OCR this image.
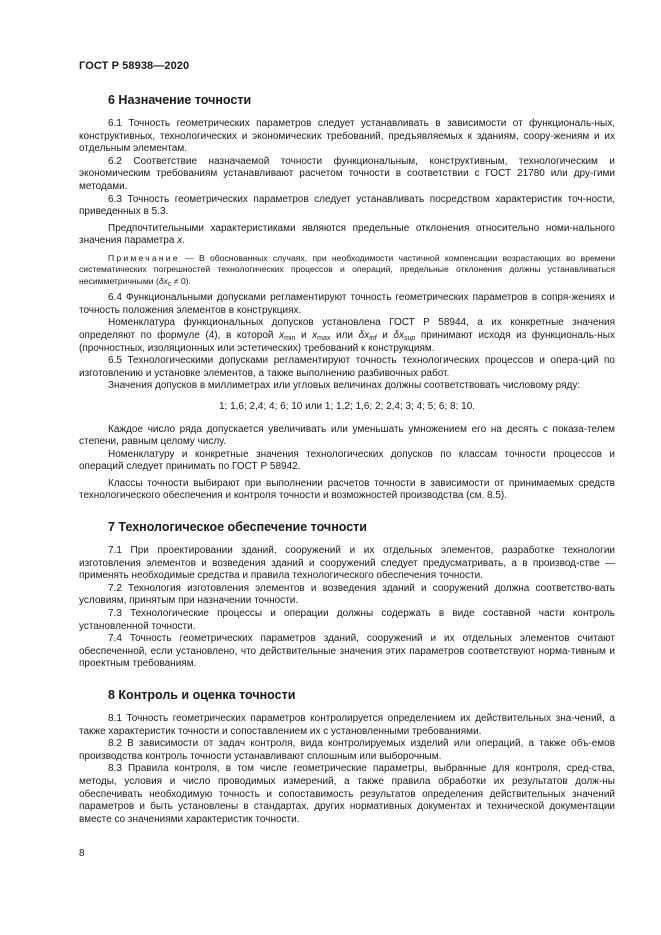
ГОСТ Р 58938—2020
6 Назначение точности

6.1 Точность геометрических параметров следует устанавливать в зависимости от функциональ-ных, конструктивных, технологических и экономических требований, предъявляемых к зданиям, соору-жениям и их отдельным элементам.

6.2 Соответствие назначаемой точности функциональным, конструктивным, технологическим и экономическим требованиям устанавливают расчетом точности в соответствии с ГОСТ 21780 или дру-гими методами.

6.3 Точность геометрических параметров следует устанавливать посредством характеристик точ-ности, приведенных в 5.3.

Предпочтительными характеристиками являются предельные отклонения относительно номи-нального значения параметра x.

Примечание — В обоснованных случаях, при необходимости частичной компенсации возрастающих во времени систематических погрешностей технологических процессов и операций, предельные отклонения должны устанавливаться несимметричными $(\delta x_c \ne 0)$.

6.4 Функциональными допусками регламентируют точность геометрических параметров в сопря-жениях и точность положения элементов в конструкциях.

Номенклатура функциональных допусков установлена ГОСТ Р 58944, а их конкретные значения определяют по формуле (4), в которой $x_{min}$ и $x_{max}$ или $\delta x_{inf}$ и $\delta x_{sup}$ принимают исходя из функциональ-ных (прочностных, изоляционных или эстетических) требований к конструкциям.

6.5 Технологическими допусками регламентируют точность технологических процессов и опера-ций по изготовлению и установке элементов, а также выполнению разбивочных работ.

Значения допусков в миллиметрах или угловых величинах должны соответствовать числовому ряду:

1; 1,6; 2,4; 4; 6; 10 или 1; 1,2; 1,6; 2; 2,4; 3; 4; 5; 6; 8; 10.

Каждое число ряда допускается увеличивать или уменьшать умножением его на десять с показа-телем степени, равным целому числу.

Номенклатуру и конкретные значения технологических допусков по классам точности процессов и операций следует принимать по ГОСТ Р 58942.

Классы точности выбирают при выполнении расчетов точности в зависимости от принимаемых средств технологического обеспечения и контроля точности и возможностей производства (см. 8.5).

7 Технологическое обеспечение точности

7.1 При проектировании зданий, сооружений и их отдельных элементов, разработке технологии изготовления элементов и возведения зданий и сооружений следует предусматривать, а в производ-стве — применять необходимые средства и правила технологического обеспечения точности.

7.2 Технология изготовления элементов и возведения зданий и сооружений должна соответство-вать условиям, принятым при назначении точности.

7.3 Технологические процессы и операции должны содержать в виде составной части контроль установленной точности.

7.4 Точность геометрических параметров зданий, сооружений и их отдельных элементов считают обеспеченной, если установлено, что действительные значения этих параметров соответствуют норма-тивным и проектным требованиям.

8 Контроль и оценка точности

8.1 Точность геометрических параметров контролируется определением их действительных зна-чений, а также характеристик точности и сопоставлением их с установленными требованиями.

8.2 В зависимости от задач контроля, вида контролируемых изделий или операций, а также объ-емов производства контроль точности устанавливают сплошным или выборочным.

8.3 Правила контроля, в том числе геометрические параметры, выбранные для контроля, сред-ства, методы, условия и число проводимых измерений, а также правила обработки их результатов долж-ны обеспечивать необходимую точность и сопоставимость результатов определения действительных значений параметров и быть установлены в стандартах, других нормативных документах и технической документации вместе со значениями характеристик точности.

8
